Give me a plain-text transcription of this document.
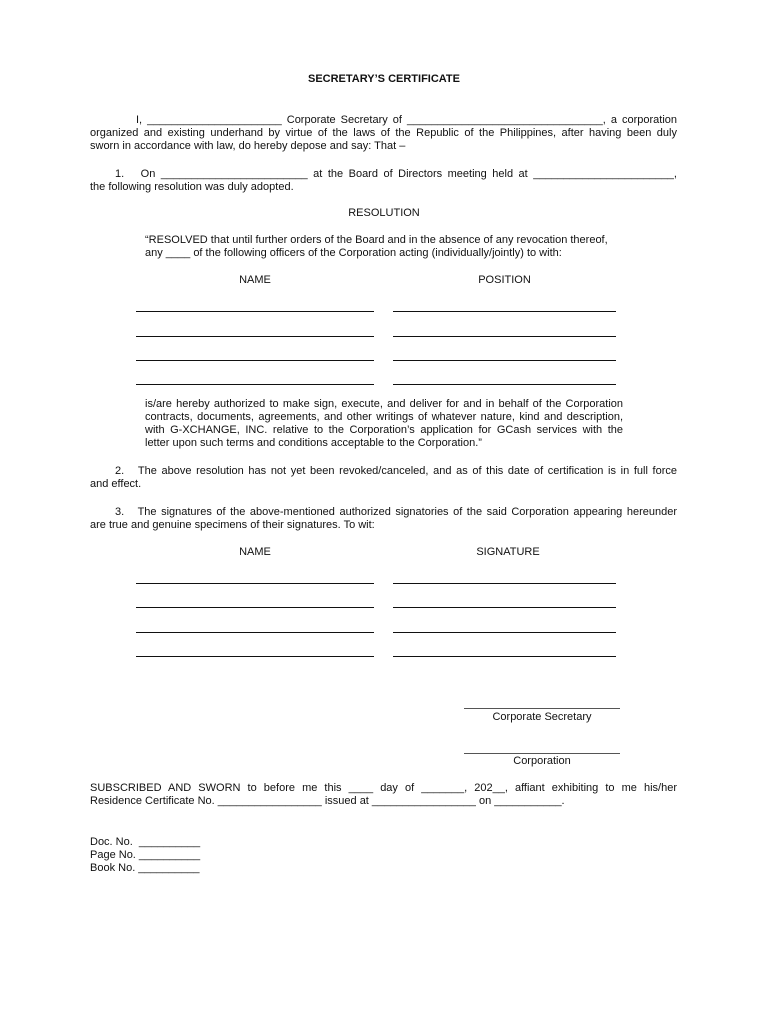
SECRETARY’S CERTIFICATE
I, ______________________ Corporate Secretary of ________________________________, a corporation
organized and existing underhand by virtue of the laws of the Republic of the Philippines, after having been duly
sworn in accordance with law, do hereby depose and say: That –
1.   On ________________________ at the Board of Directors meeting held at _______________________,
the following resolution was duly adopted.
RESOLUTION
“RESOLVED that until further orders of the Board and in the absence of any revocation thereof,
any ____ of the following officers of the Corporation acting (individually/jointly) to with:
NAME	POSITION
is/are hereby authorized to make sign, execute, and deliver for and in behalf of the Corporation
contracts, documents, agreements, and other writings of whatever nature, kind and description,
with G-XCHANGE, INC. relative to the Corporation’s application for GCash services with the
letter upon such terms and conditions acceptable to the Corporation.”
2.   The above resolution has not yet been revoked/canceled, and as of this date of certification is in full force
and effect.
3.   The signatures of the above-mentioned authorized signatories of the said Corporation appearing hereunder
are true and genuine specimens of their signatures. To wit:
NAME	SIGNATURE
Corporate Secretary
Corporation
SUBSCRIBED AND SWORN to before me this ____ day of _______, 202__, affiant exhibiting to me his/her
Residence Certificate No. _________________ issued at _________________ on ___________.
Doc. No.  __________
Page No. __________
Book No. __________
